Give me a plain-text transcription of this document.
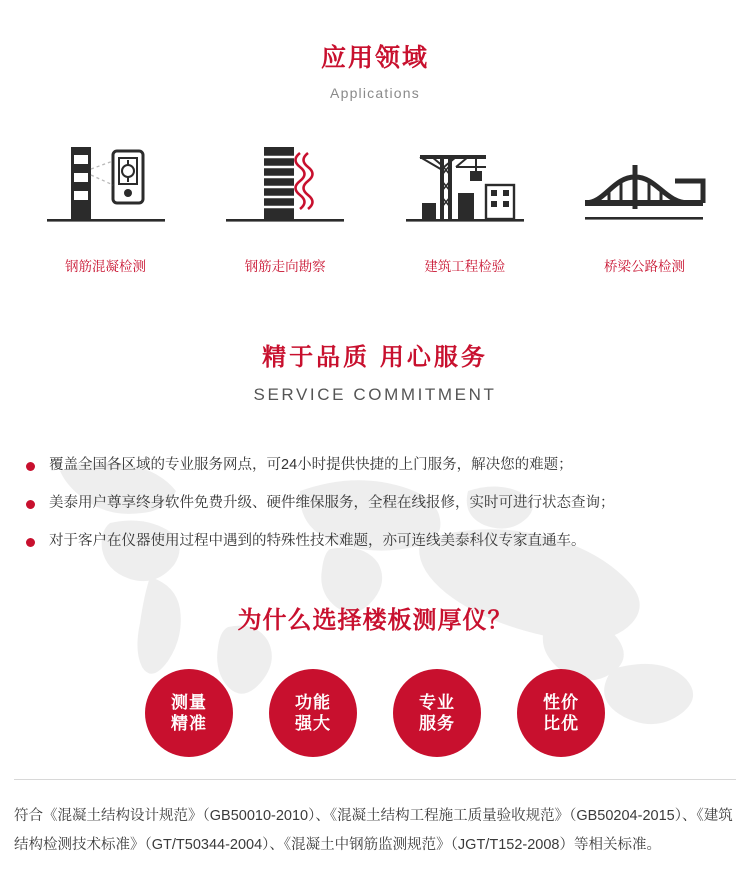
应用领域
Applications
钢筋混凝检测	钢筋走向勘察	建筑工程检验	桥梁公路检测
精于品质 用心服务
SERVICE COMMITMENT
覆盖全国各区域的专业服务网点，可24小时提供快捷的上门服务，解决您的难题；
美泰用户尊享终身软件免费升级、硬件维保服务，全程在线报修，实时可进行状态查询；
对于客户在仪器使用过程中遇到的特殊性技术难题，亦可连线美泰科仪专家直通车。
为什么选择楼板测厚仪？
测量
精准
功能
强大
专业
服务
性价
比优
符合《混凝土结构设计规范》（GB50010-2010）、《混凝土结构工程施工质量验收规范》（GB50204-2015）、《建筑结构检测技术标准》（GT/T50344-2004）、《混凝土中钢筋监测规范》（JGT/T152-2008）等相关标准。
